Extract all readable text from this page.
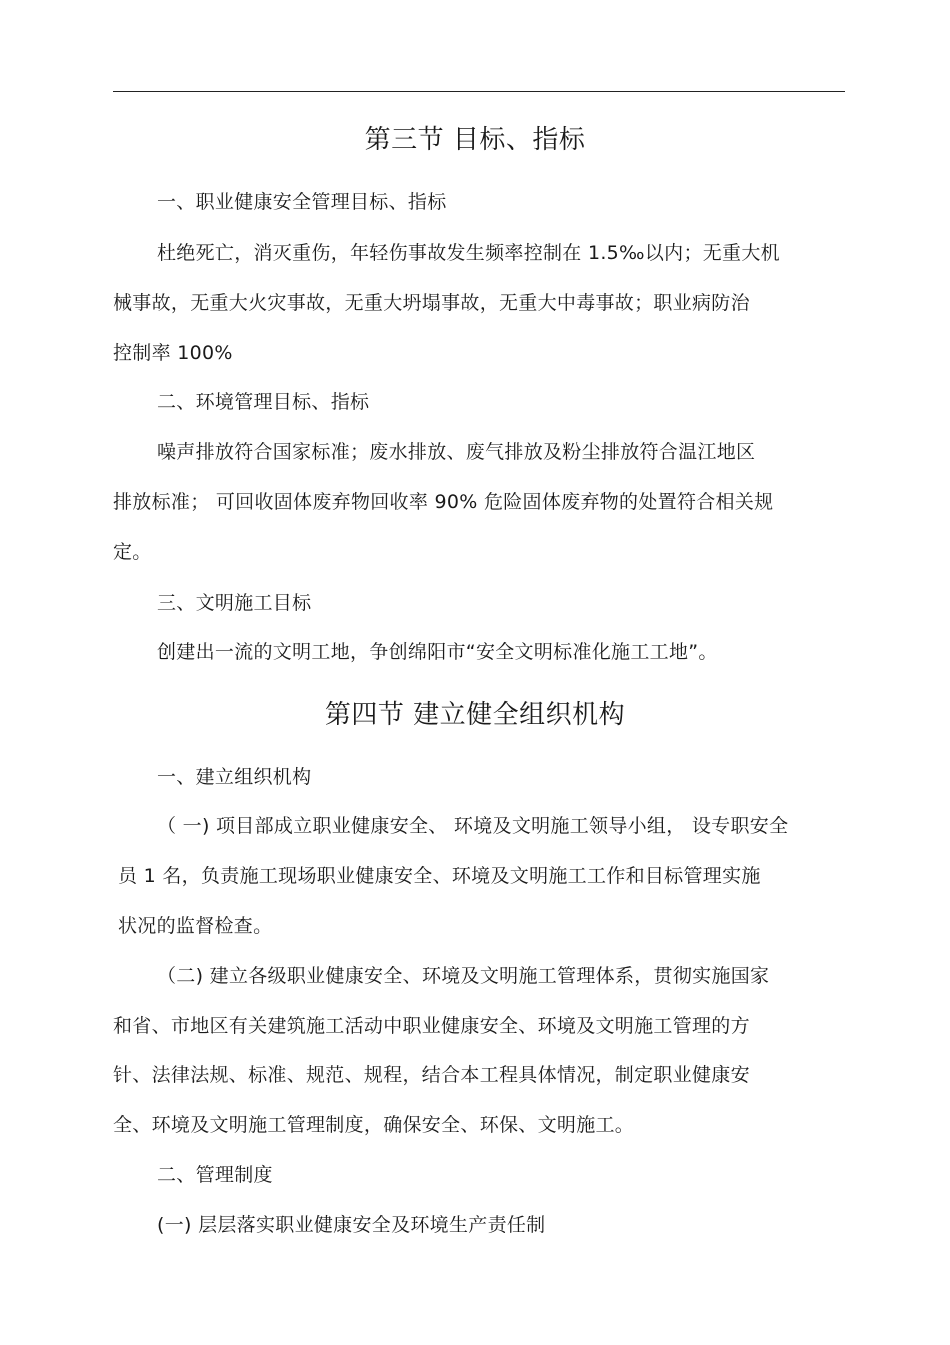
第三节 目标、指标
一、职业健康安全管理目标、指标
杜绝死亡，消灭重伤，年轻伤事故发生频率控制在 1.5‰以内；无重大机
械事故，无重大火灾事故，无重大坍塌事故，无重大中毒事故；职业病防治
控制率 100%
二、环境管理目标、指标
噪声排放符合国家标准；废水排放、废气排放及粉尘排放符合温江地区
排放标准； 可回收固体废弃物回收率 90% 危险固体废弃物的处置符合相关规
定。
三、文明施工目标
创建出一流的文明工地，争创绵阳市“安全文明标准化施工工地”。
第四节 建立健全组织机构
一、建立组织机构
（ 一) 项目部成立职业健康安全、 环境及文明施工领导小组， 设专职安全
员 1 名，负责施工现场职业健康安全、环境及文明施工工作和目标管理实施
状况的监督检查。
（二) 建立各级职业健康安全、环境及文明施工管理体系，贯彻实施国家
和省、市地区有关建筑施工活动中职业健康安全、环境及文明施工管理的方
针、法律法规、标准、规范、规程，结合本工程具体情况，制定职业健康安
全、环境及文明施工管理制度，确保安全、环保、文明施工。
二、管理制度
(一) 层层落实职业健康安全及环境生产责任制
